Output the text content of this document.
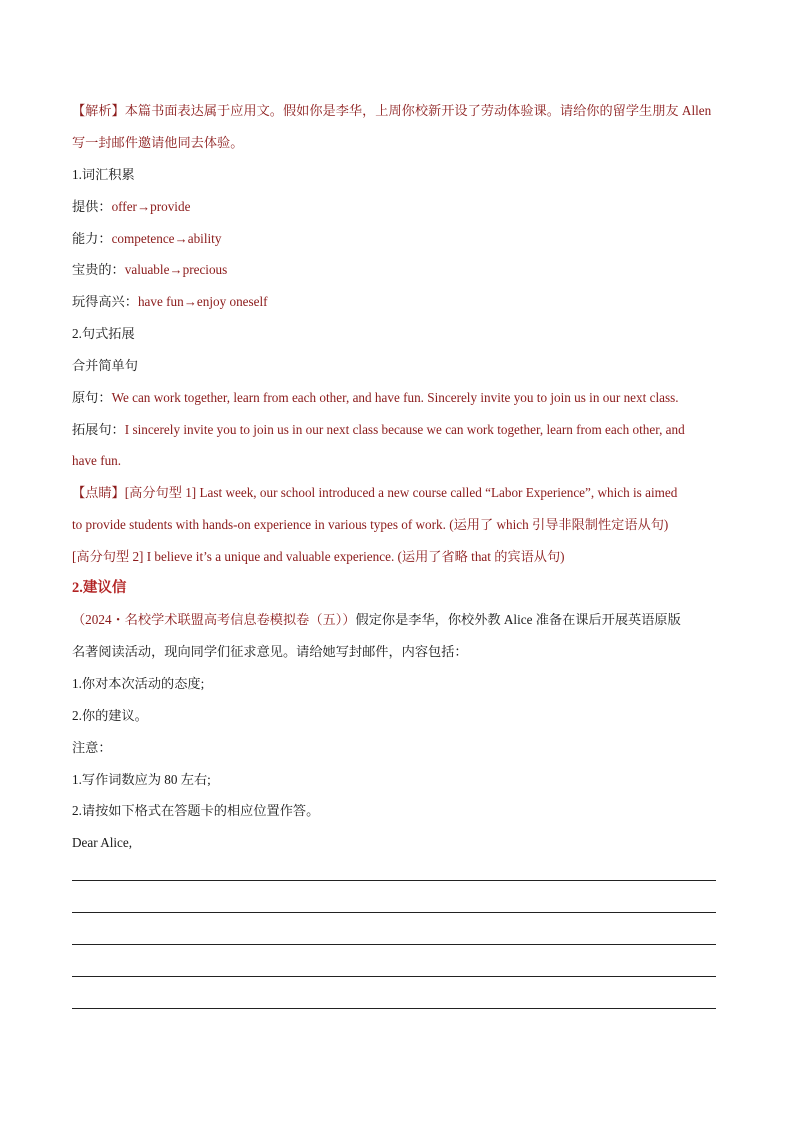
【解析】本篇书面表达属于应用文。假如你是李华，上周你校新开设了劳动体验课。请给你的留学生朋友 Allen
写一封邮件邀请他同去体验。
1.词汇积累
提供：offer→provide
能力：competence→ability
宝贵的：valuable→precious
玩得高兴：have fun→enjoy oneself
2.句式拓展
合并简单句
原句：We can work together, learn from each other, and have fun. Sincerely invite you to join us in our next class.
拓展句：I sincerely invite you to join us in our next class because we can work together, learn from each other, and
have fun.
【点睛】[高分句型 1] Last week, our school introduced a new course called “Labor Experience”, which is aimed
to provide students with hands-on experience in various types of work. (运用了 which 引导非限制性定语从句)
[高分句型 2] I believe it’s a unique and valuable experience. (运用了省略 that 的宾语从句)
2.建议信
（2024・名校学术联盟高考信息卷模拟卷（五））假定你是李华，你校外教 Alice 准备在课后开展英语原版
名著阅读活动，现向同学们征求意见。请给她写封邮件，内容包括：
1.你对本次活动的态度;
2.你的建议。
注意：
1.写作词数应为 80 左右;
2.请按如下格式在答题卡的相应位置作答。
Dear Alice,
